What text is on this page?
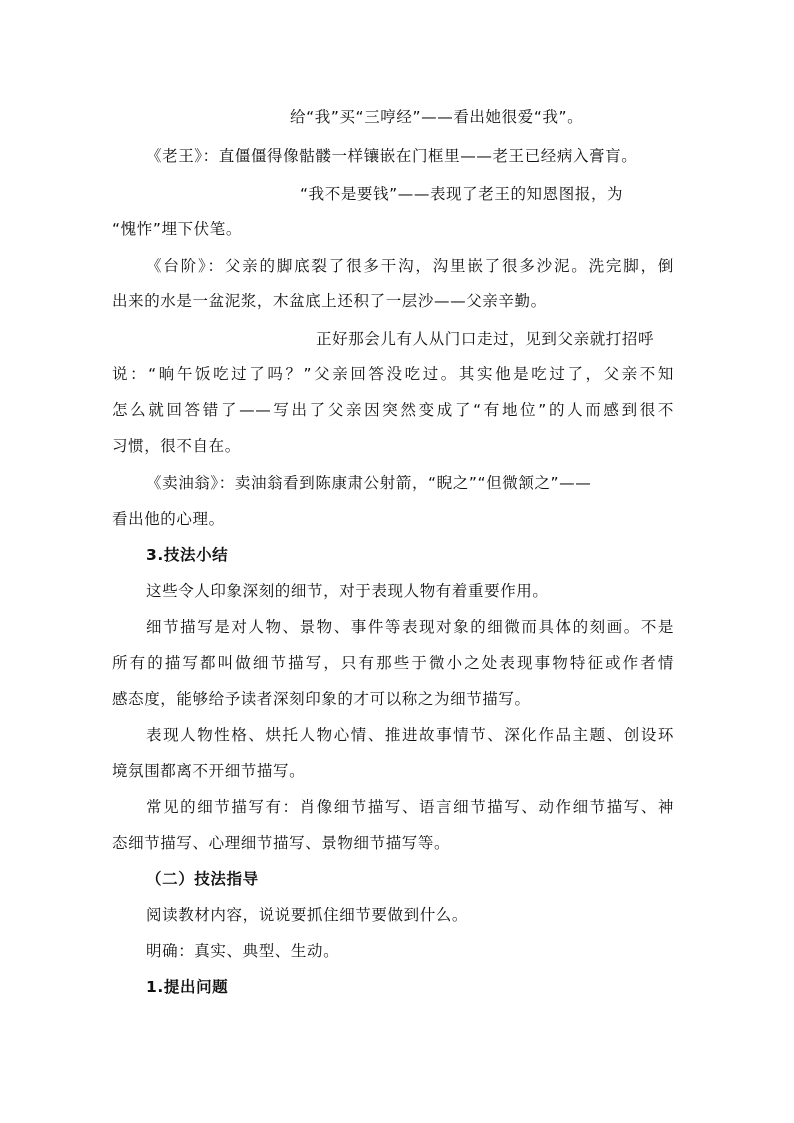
给“我”买“三哼经”——看出她很爱“我”。

《老王》：直僵僵得像骷髅一样镶嵌在门框里——老王已经病入膏肓。

“我不是要钱”——表现了老王的知恩图报，为

“愧怍”埋下伏笔。

《台阶》：父亲的脚底裂了很多干沟，沟里嵌了很多沙泥。洗完脚，倒

出来的水是一盆泥浆，木盆底上还积了一层沙——父亲辛勤。

正好那会儿有人从门口走过，见到父亲就打招呼

说：“晌午饭吃过了吗？”父亲回答没吃过。其实他是吃过了，父亲不知

怎么就回答错了——写出了父亲因突然变成了“有地位”的人而感到很不

习惯，很不自在。

《卖油翁》：卖油翁看到陈康肃公射箭，“睨之”“但微颔之”——

看出他的心理。

3.技法小结

这些令人印象深刻的细节，对于表现人物有着重要作用。

细节描写是对人物、景物、事件等表现对象的细微而具体的刻画。不是

所有的描写都叫做细节描写，只有那些于微小之处表现事物特征或作者情

感态度，能够给予读者深刻印象的才可以称之为细节描写。

表现人物性格、烘托人物心情、推进故事情节、深化作品主题、创设环

境氛围都离不开细节描写。

常见的细节描写有：肖像细节描写、语言细节描写、动作细节描写、神

态细节描写、心理细节描写、景物细节描写等。

（二）技法指导

阅读教材内容，说说要抓住细节要做到什么。

明确：真实、典型、生动。

1.提出问题
